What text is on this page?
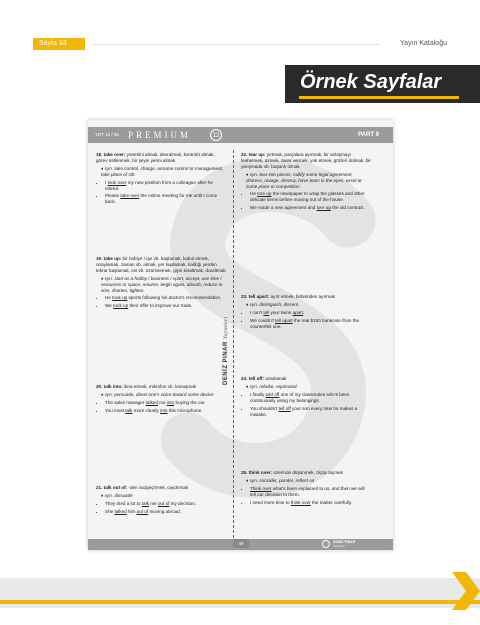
Sayfa 33	Yayın Kataloğu
Örnek Sayfalar
YDT 12 / 06 PREMIUM	12	PART 9
DENİZ PINARYayınları

18. take over: yönetimi almak, devralmak, kontrolü almak, görev üstlenmek, bir şeyin yerini almak

♦ syn. take control, charge, assume control or management, take place of sth.

• I took over my new position from a colleague after he retired.
• Please take over the online meeting for me until I come back.

19. take up: bir hobiye / işe vb. başlamak, kabul etmek, onaylamak, zaman vb. almak, yer kaplamak, kaldığı yerden tekrar başlamak, exi vb. özümsemek, giysi kısaltmak, daraltmak

♦ syn. start as a hobby / business / sport, accept, use time / resources or space, resume, begin again, absorb, reduce in size, shorten, tighten

• He took up sports following his doctor's recommendation.
• We took up their offer to improve our trade.

20. talk into: ikna etmek, mikrofon vb. konuşmak

♦ syn. persuade, direct one's voice toward some device

• The sales manager talked me into buying the car.
• You must talk more clearly into this microphone.

21. talk out of: -den vazgeçirmek, caydırmak

♦ syn. dissuade

• They tried a lot to talk me out of my decision.
• She talked him out of moving abroad.

22. tear up: yırtmak, parçalara ayırmak, bir anlaşmayı feshetmek, üzmek, zarar vermek, yok etmek, gözleri dolmak, bir yarışmada vb. başarılı olmak

♦ syn. tear into pieces, nullify some legal agreement, distress, ravage, destroy, have tears in the eyes, excel at some place or competition

• He tore up the newspaper to wrap the glasses and other delicate items before moving out of the house.
• We made a new agreement and tore up the old contract.

23. tell apart: ayırt etmek, birbirinden ayırmak

♦ syn. distinguish, discern

• I can't tell your twins apart.
• We couldn't tell apart the real $100 banknote from the counterfeit one.

24. tell off: azarlamak

♦ syn. rebuke, reprimand

• I finally told off one of my classmates who's been continuously using my belongings.
• You shouldn't tell off your son every time he makes a mistake.

25. think over: üzerinde düşünmek, ölçüp biçmek

♦ syn. consider, ponder, reflect on

• Think over what's been explained to us, and then we will tell our decision to them.
• I need more time to think over the matter carefully.
49	DENİZ PINAR
Yayınları
